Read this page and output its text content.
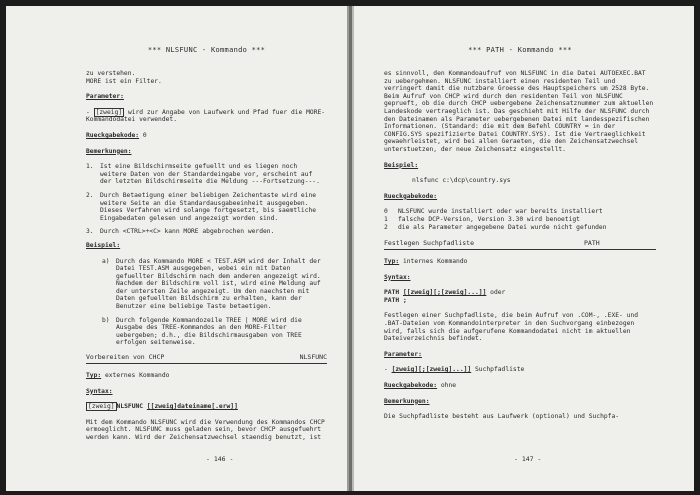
*** NLSFUNC - Kommando ***

zu verstehen.

MORE ist ein Filter.

Parameter:

- [zweig] wird zur Angabe von Laufwerk und Pfad fuer die MORE-

Kommandodatei verwendet.

Rueckgabekode: 0

Bemerkungen:

1.	Ist eine Bildschirmseite gefuellt und es liegen noch weitere Daten von der Standardeingabe vor, erscheint auf der letzten Bildschirmseite die Meldung ---Fortsetzung---.
2.	Durch Betaetigung einer beliebigen Zeichentaste wird eine weitere Seite an die Standardausgabeeinheit ausgegeben. Dieses Verfahren wird solange fortgesetzt, bis saemtliche Eingabedaten gelesen und angezeigt worden sind.
3.	Durch <CTRL>+<C> kann MORE abgebrochen werden.

Beispiel:

a)	Durch das Kommando MORE < TEST.ASM wird der Inhalt der Datei TEST.ASM ausgegeben, wobei ein mit Daten gefuellter Bildschirm nach dem anderen angezeigt wird. Nachdem der Bildschirm voll ist, wird eine Meldung auf der untersten Zeile angezeigt. Um den naechsten mit Daten gefuellten Bildschirm zu erhalten, kann der Benutzer eine beliebige Taste betaetigen.
b)	Durch folgende Kommandozeile TREE | MORE wird die Ausgabe des TREE-Kommandos an den MORE-Filter uebergeben; d.h., die Bildschirmausgaben von TREE erfolgen seitenweise.
Vorbereiten von CHCP	NLSFUNC

Typ: externes Kommando

Syntax:

[zweig] NLSFUNC [[zweig]dateiname[.erw]]

Mit dem Kommando NLSFUNC wird die Verwendung des Kommandos CHCP ermoeglicht. NLSFUNC muss geladen sein, bevor CHCP ausgefuehrt werden kann. Wird der Zeichensatzwechsel staendig benutzt, ist

- 146 -
*** PATH - Kommando ***

es sinnvoll, den Kommandoaufruf von NLSFUNC in die Datei AUTOEXEC.BAT zu uebergehmen. NLSFUNC installiert einen residenten Teil und verringert damit die nutzbare Groesse des Hauptspeichers um 2528 Byte. Beim Aufruf von CHCP wird durch den residenten Teil von NLSFUNC geprueft, ob die durch CHCP uebergebene Zeichensatznummer zum aktuellen Landeskode vertraeglich ist. Das geschieht mit Hilfe der NLSFUNC durch den Dateinamen als Parameter uebergebenen Datei mit landesspezifischen Informationen. (Standard: die mit dem Befehl COUNTRY = in der CONFIG.SYS spezifizierte Datei COUNTRY.SYS). Ist die Vertraeglichkeit gewaehrleistet, wird bei allen Geraeten, die den Zeichensatzwechsel unterstuetzen, der neue Zeichensatz eingestellt.

Beispiel:

nlsfunc c:\dcp\country.sys

Rueckgabekode:

0	NLSFUNC wurde installiert oder war bereits installiert
1	falsche DCP-Version, Version 3.30 wird benoetigt
2	die als Parameter angegebene Datei wurde nicht gefunden
Festlegen Suchpfadliste	PATH

Typ: internes Kommando

Syntax:

PATH [[zweig][;[zweig]...]] oder

PATH ;

Festlegen einer Suchpfadliste, die beim Aufruf von .COM-, .EXE- und .BAT-Dateien vom Kommandointerpreter in den Suchvorgang einbezogen wird, falls sich die aufgerufene Kommandodatei nicht im aktuellen Dateiverzeichnis befindet.

Parameter:

- [zweig][;[zweig]...]] Suchpfadliste

Rueckgabekode: ohne

Bemerkungen:

Die Suchpfadliste besteht aus Laufwerk (optional) und Suchpfa-

- 147 -
